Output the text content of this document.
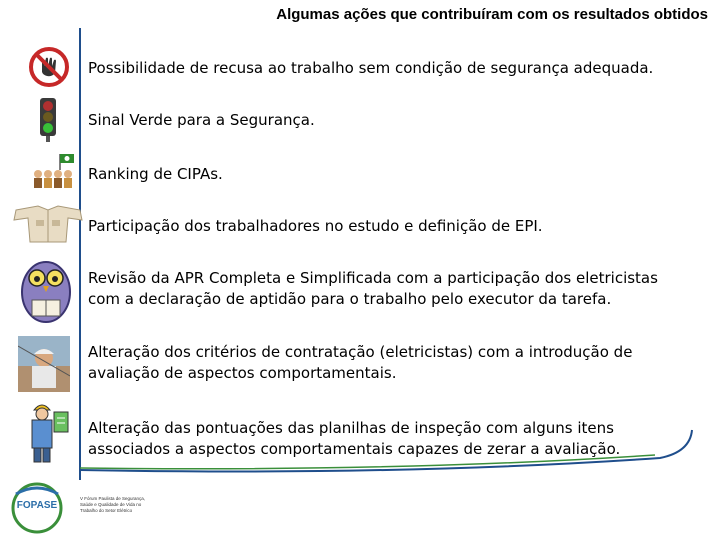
Algumas ações que contribuíram com os resultados obtidos
Possibilidade de recusa ao trabalho sem condição de segurança adequada.
Sinal Verde para a Segurança.
Ranking de CIPAs.
Participação dos trabalhadores no estudo e definição de EPI.
Revisão da APR Completa e Simplificada com a participação dos eletricistas com a declaração de aptidão para o trabalho pelo executor da tarefa.
Alteração dos critérios de contratação (eletricistas) com a introdução de avaliação de aspectos comportamentais.
Alteração das pontuações das planilhas de inspeção com alguns itens associados a aspectos comportamentais capazes de zerar a avaliação.
FOPASE
V Fórum Paulista de Segurança,
Saúde e Qualidade de Vida no
Trabalho do Setor Elétrico
